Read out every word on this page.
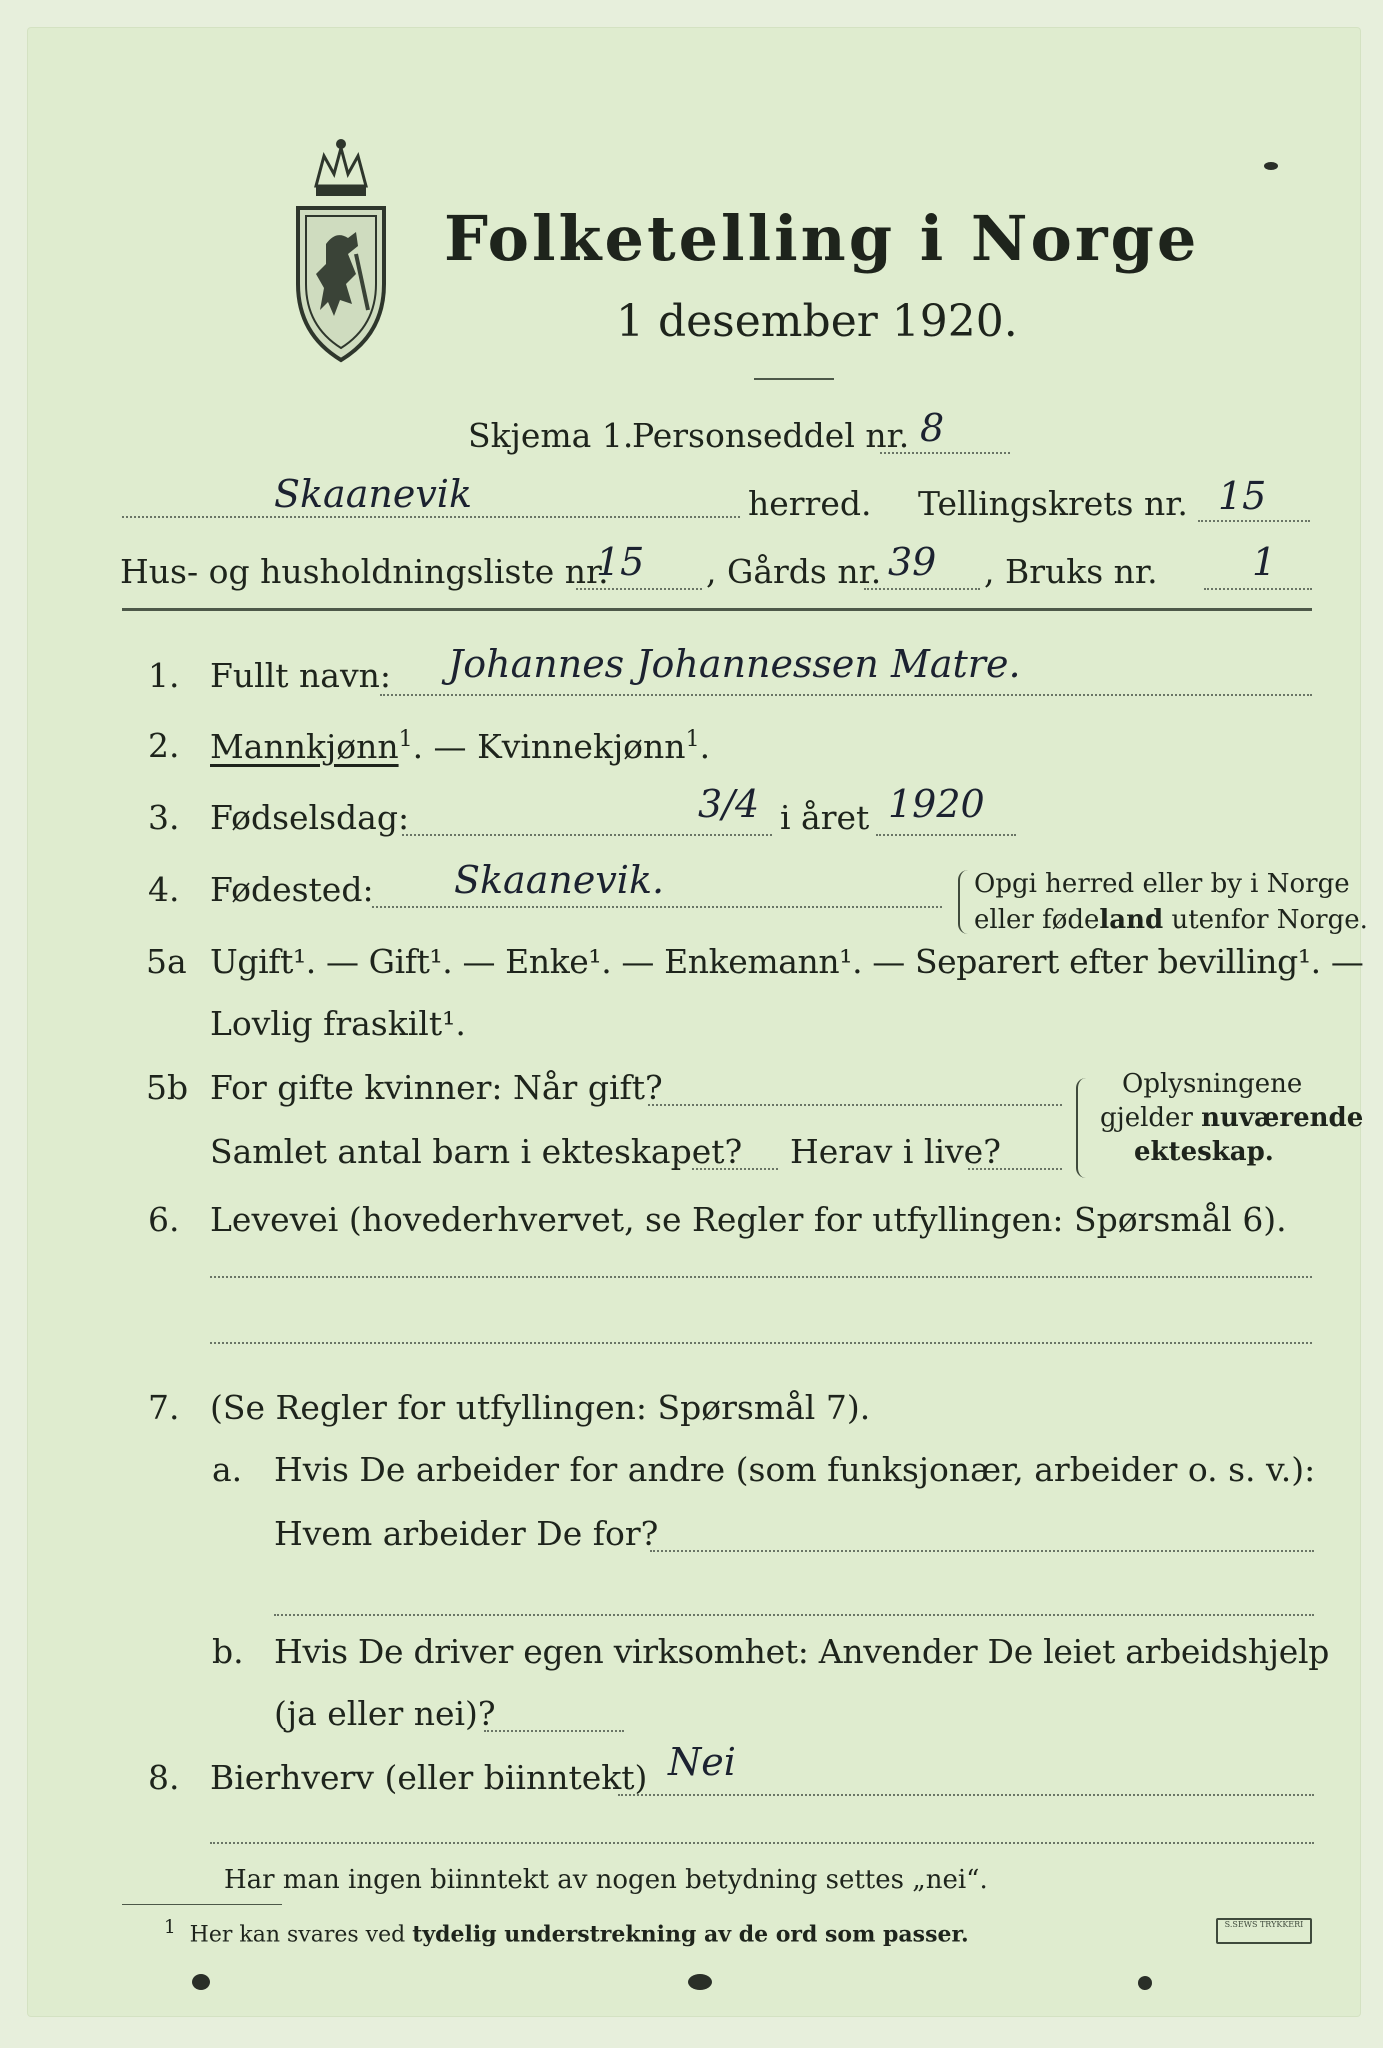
Folketelling i Norge
1 desember 1920.
Skjema 1.
Personseddel nr. 8
Skaanevik	herred. Tellingskrets nr. 15
Hus- og husholdningsliste nr.
15 , Gårds nr. 39 , Bruks nr. 1
1. Fullt navn: Johannes Johannessen Matre.
2. Mannkjønn$^1$. — Kvinnekjønn$^1$.
3. Fødselsdag:	3/4 i året 1920
4. Fødested: Skaanevik.	Opgi herred eller by i Norge
eller fødeland utenfor Norge.
5a Ugift¹. — Gift¹. — Enke¹. — Enkemann¹. — Separert efter bevilling¹. —
Lovlig fraskilt¹.
5b For gifte kvinner: Når gift?
Samlet antal barn i ekteskapet? Herav i live?
Oplysningene
gjelder nuværende
ekteskap.
6. Levevei (hovederhvervet, se Regler for utfyllingen: Spørsmål 6).
7. (Se Regler for utfyllingen: Spørsmål 7).
a. Hvis De arbeider for andre (som funksjonær, arbeider o. s. v.):
Hvem arbeider De for?
b. Hvis De driver egen virksomhet: Anvender De leiet arbeidshjelp
(ja eller nei)?
8. Bierhverv (eller biinntekt) Nei
Har man ingen biinntekt av nogen betydning settes „nei“.
$^1$ Her kan svares ved tydelig understrekning av de ord som passer.	S.SEWS TRYKKERI
